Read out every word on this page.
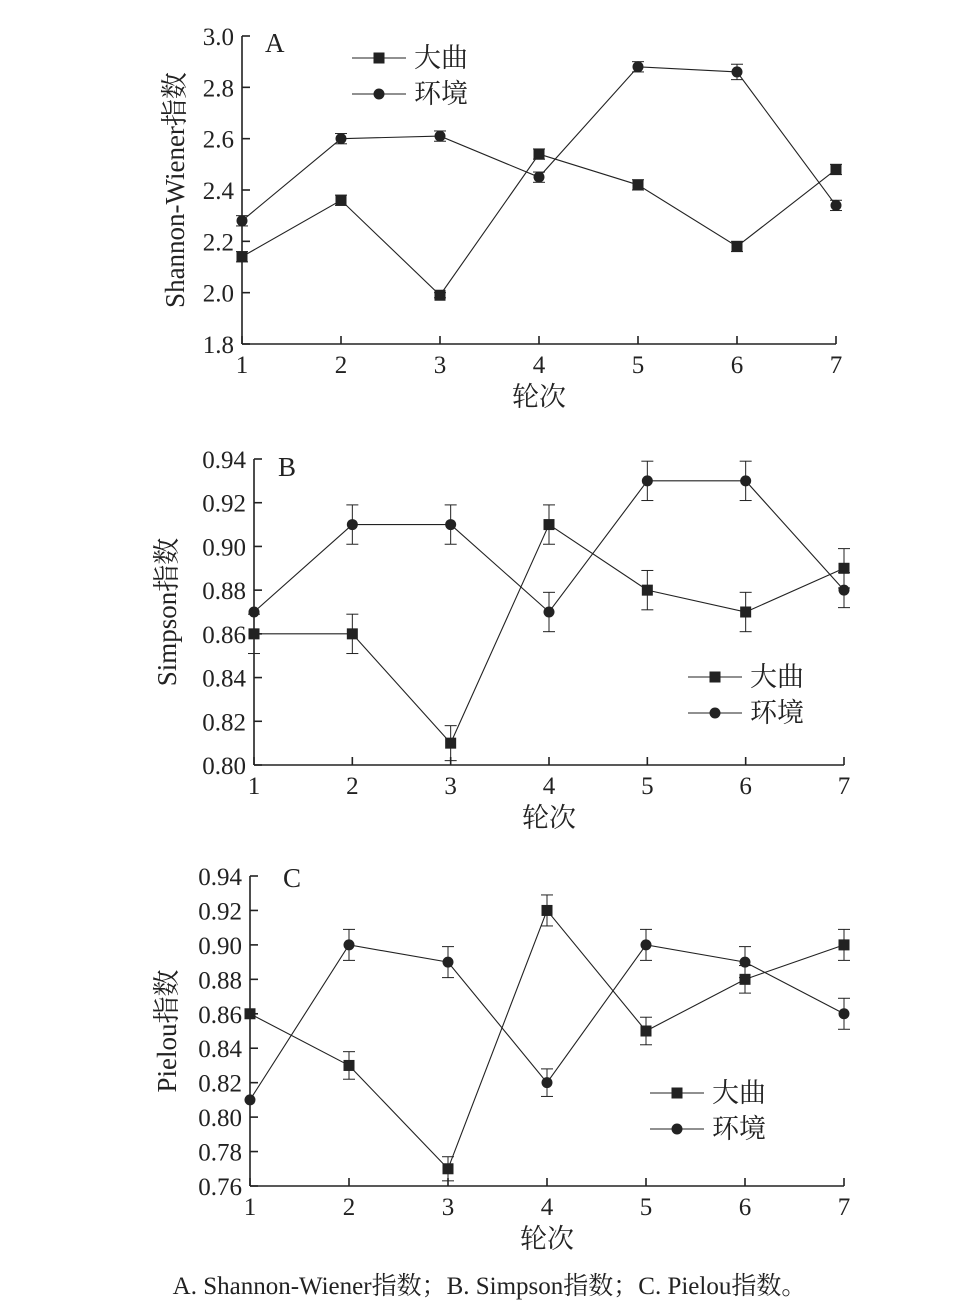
1.8
2.0
2.2
2.4
2.6
2.8
3.0
1	2	3	4	5	6	7
轮次
Shannon-Wiener指数
A	大曲
环境
0.80
0.82
0.84
0.86
0.88
0.90
0.92
0.94
1	2	3	4	5	6	7
轮次
Simpson指数
B
大曲
环境
0.76
0.78
0.80
0.82
0.84
0.86
0.88
0.90
0.92
0.94
1	2	3	4	5	6	7
轮次
Pielou指数
C
大曲
环境
A. Shannon-Wiener指数；B. Simpson指数；C. Pielou指数。
